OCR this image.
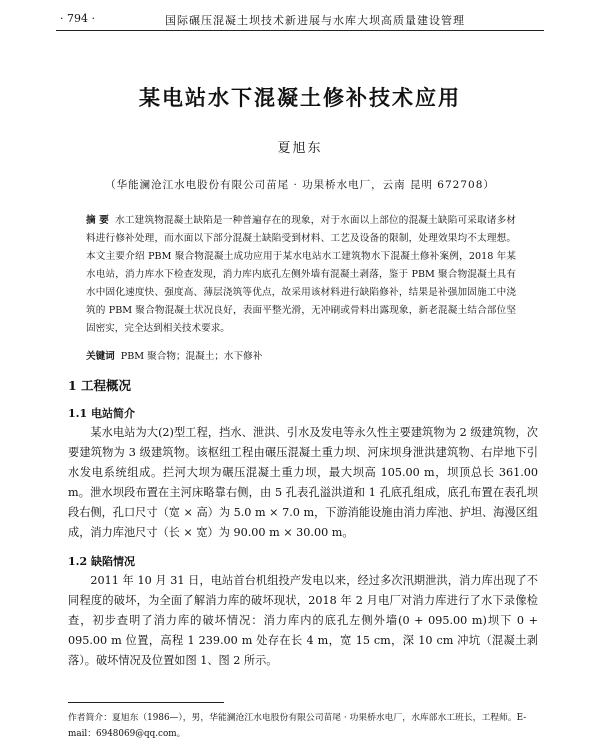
· 794 ·	国际碾压混凝土坝技术新进展与水库大坝高质量建设管理
某电站水下混凝土修补技术应用
夏旭东
（华能澜沧江水电股份有限公司苗尾 · 功果桥水电厂，云南 昆明 672708）
摘 要 水工建筑物混凝土缺陷是一种普遍存在的现象，对于水面以上部位的混凝土缺陷可采取诸多材料进行修补处理，而水面以下部分混凝土缺陷受到材料、工艺及设备的限制，处理效果均不太理想。本文主要介绍 PBM 聚合物混凝土成功应用于某水电站水工建筑物水下混凝土修补案例，2018 年某水电站，消力库水下检查发现，消力库内底孔左侧外墙有混凝土剥落，鉴于 PBM 聚合物混凝土具有水中固化速度快、强度高、薄层浇筑等优点，故采用该材料进行缺陷修补，结果是补强加固施工中浇筑的 PBM 聚合物混凝土状况良好，表面平整光滑，无冲刷或骨料出露现象，新老混凝土结合部位坚固密实，完全达到相关技术要求。
关键词 PBM 聚合物；混凝土；水下修补
1 工程概况
1.1 电站简介
某水电站为大(2)型工程，挡水、泄洪、引水及发电等永久性主要建筑物为 2 级建筑物，次要建筑物为 3 级建筑物。该枢纽工程由碾压混凝土重力坝、河床坝身泄洪建筑物、右岸地下引水发电系统组成。拦河大坝为碾压混凝土重力坝，最大坝高 105.00 m，坝顶总长 361.00 m。泄水坝段布置在主河床略靠右侧，由 5 孔表孔溢洪道和 1 孔底孔组成，底孔布置在表孔坝段右侧，孔口尺寸（宽 × 高）为 5.0 m × 7.0 m，下游消能设施由消力库池、护坦、海漫区组成，消力库池尺寸（长 × 宽）为 90.00 m × 30.00 m。
1.2 缺陷情况
2011 年 10 月 31 日，电站首台机组投产发电以来，经过多次汛期泄洪，消力库出现了不同程度的破坏，为全面了解消力库的破坏现状，2018 年 2 月电厂对消力库进行了水下录像检查，初步查明了消力库的破坏情况：消力库内的底孔左侧外墙(0 + 095.00 m)坝下 0 + 095.00 m 位置，高程 1 239.00 m 处存在长 4 m，宽 15 cm，深 10 cm 冲坑（混凝土剥落）。破坏情况及位置如图 1、图 2 所示。
作者简介：夏旭东（1986—），男，华能澜沧江水电股份有限公司苗尾 · 功果桥水电厂，水库部水工班长，工程师。E-mail：6948069@qq.com。
